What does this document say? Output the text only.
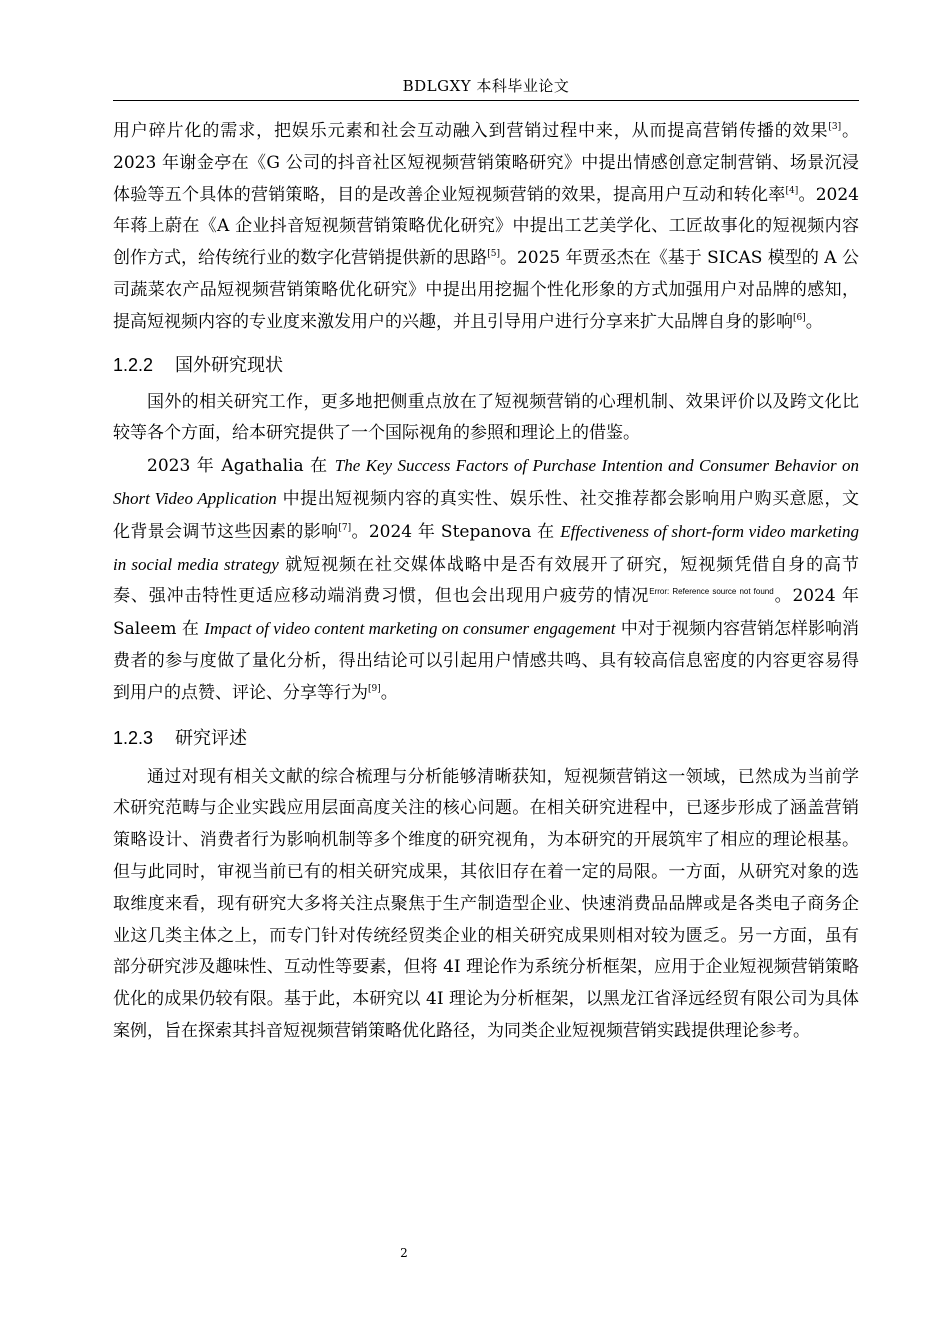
BDLGXY 本科毕业论文

用户碎片化的需求，把娱乐元素和社会互动融入到营销过程中来，从而提高营销传播的效果[3]。2023 年谢金亭在《G 公司的抖音社区短视频营销策略研究》中提出情感创意定制营销、场景沉浸体验等五个具体的营销策略，目的是改善企业短视频营销的效果，提高用户互动和转化率[4]。2024 年蒋上蔚在《A 企业抖音短视频营销策略优化研究》中提出工艺美学化、工匠故事化的短视频内容创作方式，给传统行业的数字化营销提供新的思路[5]。2025 年贾丞杰在《基于 SICAS 模型的 A 公司蔬菜农产品短视频营销策略优化研究》中提出用挖掘个性化形象的方式加强用户对品牌的感知，提高短视频内容的专业度来激发用户的兴趣，并且引导用户进行分享来扩大品牌自身的影响[6]。

1.2.2 国外研究现状

国外的相关研究工作，更多地把侧重点放在了短视频营销的心理机制、效果评价以及跨文化比较等各个方面，给本研究提供了一个国际视角的参照和理论上的借鉴。

2023 年 Agathalia 在 The Key Success Factors of Purchase Intention and Consumer Behavior on Short Video Application 中提出短视频内容的真实性、娱乐性、社交推荐都会影响用户购买意愿，文化背景会调节这些因素的影响[7]。2024 年 Stepanova 在 Effectiveness of short-form video marketing in social media strategy 就短视频在社交媒体战略中是否有效展开了研究，短视频凭借自身的高节奏、强冲击特性更适应移动端消费习惯，但也会出现用户疲劳的情况$^{Error: Reference source not found}$。2024 年 Saleem 在 Impact of video content marketing on consumer engagement 中对于视频内容营销怎样影响消费者的参与度做了量化分析，得出结论可以引起用户情感共鸣、具有较高信息密度的内容更容易得到用户的点赞、评论、分享等行为[9]。

1.2.3 研究评述

通过对现有相关文献的综合梳理与分析能够清晰获知，短视频营销这一领域，已然成为当前学术研究范畴与企业实践应用层面高度关注的核心问题。在相关研究进程中，已逐步形成了涵盖营销策略设计、消费者行为影响机制等多个维度的研究视角，为本研究的开展筑牢了相应的理论根基。但与此同时，审视当前已有的相关研究成果，其依旧存在着一定的局限。一方面，从研究对象的选取维度来看，现有研究大多将关注点聚焦于生产制造型企业、快速消费品品牌或是各类电子商务企业这几类主体之上，而专门针对传统经贸类企业的相关研究成果则相对较为匮乏。另一方面，虽有部分研究涉及趣味性、互动性等要素，但将 4I 理论作为系统分析框架，应用于企业短视频营销策略优化的成果仍较有限。基于此，本研究以 4I 理论为分析框架，以黑龙江省泽远经贸有限公司为具体案例，旨在探索其抖音短视频营销策略优化路径，为同类企业短视频营销实践提供理论参考。

2
